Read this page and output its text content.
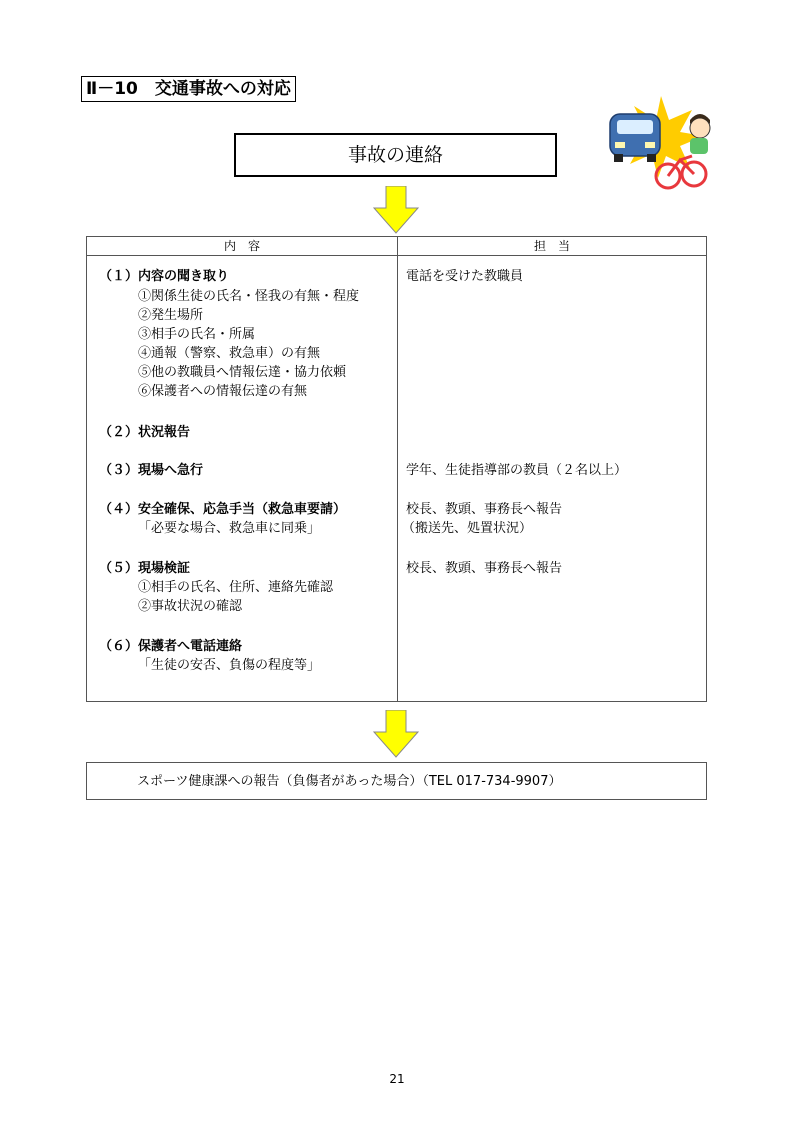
Ⅱ－10　交通事故への対応
事故の連絡
内　容	担　当
（１）内容の聞き取り
①関係生徒の氏名・怪我の有無・程度
②発生場所
③相手の氏名・所属
④通報（警察、救急車）の有無
⑤他の教職員へ情報伝達・協力依頼
⑥保護者への情報伝達の有無
（２）状況報告
（３）現場へ急行
（４）安全確保、応急手当（救急車要請）
「必要な場合、救急車に同乗」
（５）現場検証
①相手の氏名、住所、連絡先確認
②事故状況の確認
（６）保護者へ電話連絡
「生徒の安否、負傷の程度等」
電話を受けた教職員
学年、生徒指導部の教員（２名以上）
校長、教頭、事務長へ報告
（搬送先、処置状況）
校長、教頭、事務長へ報告
スポーツ健康課への報告（負傷者があった場合）（TEL 017-734-9907）
21
